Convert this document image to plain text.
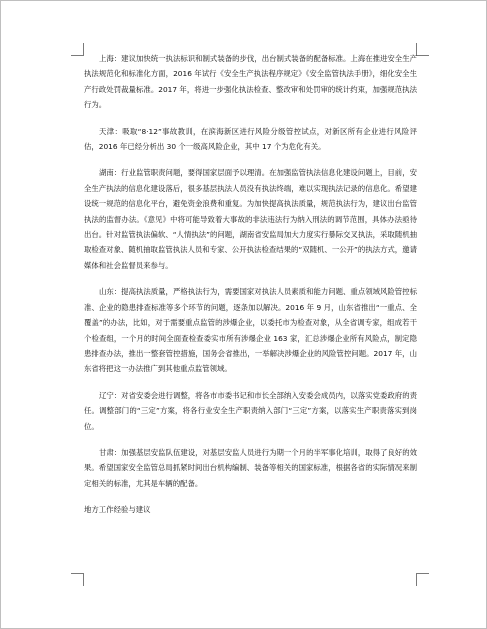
上海：建议加快统一执法标识和制式装备的步伐，出台制式装备的配备标准。上海在推进安全生产执法规范化和标准化方面，2016 年试行《安全生产执法程序规定》《安全监管执法手册》，细化安全生产行政处罚裁量标准。2017 年，将进一步强化执法检查、整改审和处罚审的统计约束，加强规范执法行为。

天津：吸取“8·12”事故教训，在滨海新区进行风险分级管控试点，对新区所有企业进行风险评估，2016 年已经分析出 30 个一级高风险企业，其中 17 个为危化有关。

湖南：行业监管职责问题，要得国家层面予以理清。在加强监管执法信息化建设问题上，目前，安全生产执法的信息化建设落后，很多基层执法人员没有执法终端，难以实现执法记录的信息化。希望建设统一规范的信息化平台，避免资金浪费和重复。为加快提高执法质量，规范执法行为，建议出台监管执法的监督办法。《意见》中将可能导致着大事故的非法违法行为纳入刑法的调节范围，具体办法亟待出台。针对监管执法偏软、“人情执法”的问题，湖南省安监局加大力度实行暴际交叉执法，采取随机抽取检查对象、随机抽取监管执法人员和专家、公开执法检查结果的“双随机、一公开”的执法方式，邀请媒体和社会监督员来参与。

山东：提高执法质量，严格执法行为，需要国家对执法人员素质和能力问题、重点领域风险管控标准、企业的隐患排查标准等多个环节的问题，逐条加以解决。2016 年 9 月，山东省推出“一重点、全覆盖”的办法，比如，对于需要重点监管的涉爆企业，以委托市为检查对象，从全省调专家，组成若干个检查组，一个月的时间全面查检查委实市所有涉爆企业 163 家，汇总涉爆企业所有风险点，制定隐患排查办法，推出一整套管控措施，国务会省推出，一举解决涉爆企业的风险管控问题。2017 年，山东省将把这一办法推广到其他重点监管领域。

辽宁：对省安委会进行调整，将各市市委书记和市长全部纳入安委会成员内，以落实党委政府的责任。调整部门的“三定”方案，将各行业安全生产职责纳入部门“三定”方案，以落实生产职责落实到岗位。

甘肃：加强基层安监队伍建设，对基层安监人员进行为期一个月的半军事化培训，取得了良好的效果。希望国家安全监管总局抓紧时间出台机构编制、装备等相关的国家标准，根据各省的实际情况来制定相关的标准，尤其是车辆的配备。

地方工作经验与建议
